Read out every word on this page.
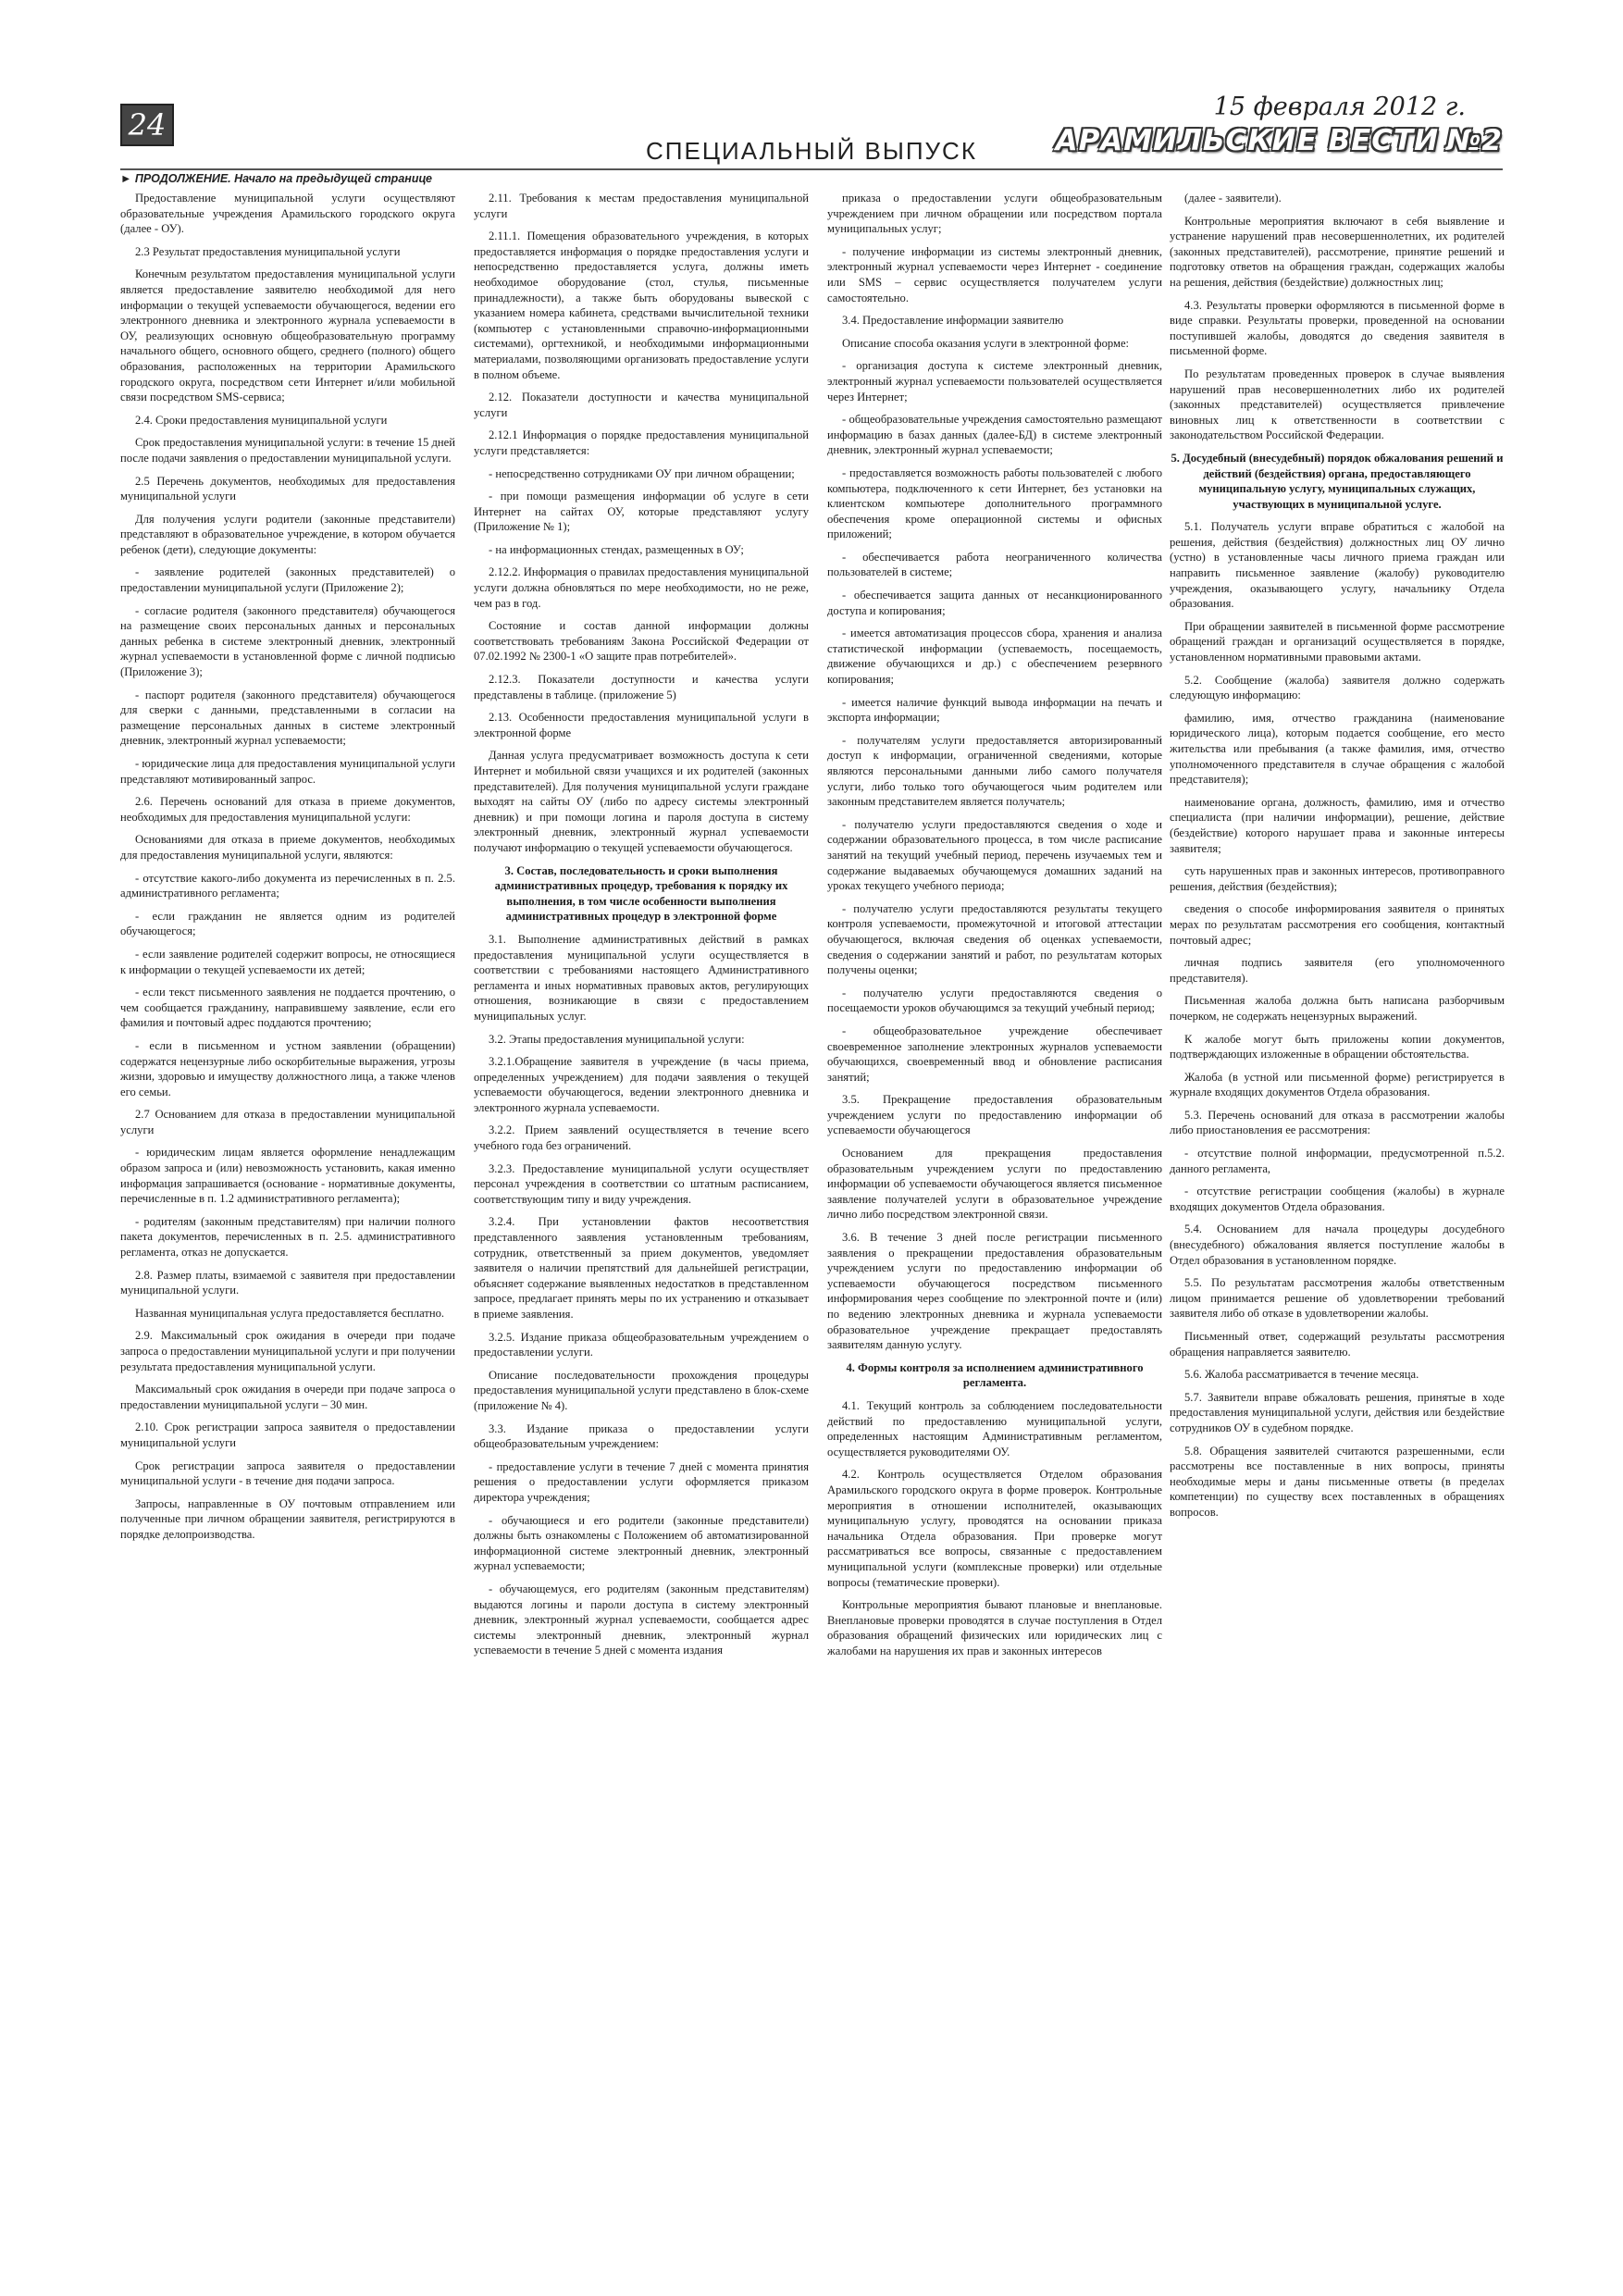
24
СПЕЦИАЛЬНЫЙ ВЫПУСК
15 февраля 2012 г.
АРАМИЛЬСКИЕ ВЕСТИ №2
► ПРОДОЛЖЕНИЕ. Начало на предыдущей странице

Предоставление муниципальной услуги осуществляют образовательные учреждения Арамильского городского округа (далее - ОУ).

2.3 Результат предоставления муниципальной услуги

Конечным результатом предоставления муниципальной услуги является предоставление заявителю необходимой для него информации о текущей успеваемости обучающегося, ведении его электронного дневника и электронного журнала успеваемости в ОУ, реализующих основную общеобразовательную программу начального общего, основного общего, среднего (полного) общего образования, расположенных на территории Арамильского городского округа, посредством сети Интернет и/или мобильной связи посредством SMS-сервиса;

2.4. Сроки предоставления муниципальной услуги

Срок предоставления муниципальной услуги: в течение 15 дней после подачи заявления о предоставлении муниципальной услуги.

2.5 Перечень документов, необходимых для предоставления муниципальной услуги

Для получения услуги родители (законные представители) представляют в образовательное учреждение, в котором обучается ребенок (дети), следующие документы:

- заявление родителей (законных представителей) о предоставлении муниципальной услуги (Приложение 2);

- согласие родителя (законного представителя) обучающегося на размещение своих персональных данных и персональных данных ребенка в системе электронный дневник, электронный журнал успеваемости в установленной форме с личной подписью (Приложение 3);

- паспорт родителя (законного представителя) обучающегося для сверки с данными, представленными в согласии на размещение персональных данных в системе электронный дневник, электронный журнал успеваемости;

- юридические лица для предоставления муниципальной услуги представляют мотивированный запрос.

2.6. Перечень оснований для отказа в приеме документов, необходимых для предоставления муниципальной услуги:

Основаниями для отказа в приеме документов, необходимых для предоставления муниципальной услуги, являются:

- отсутствие какого-либо документа из перечисленных в п. 2.5. административного регламента;

- если гражданин не является одним из родителей обучающегося;

- если заявление родителей содержит вопросы, не относящиеся к информации о текущей успеваемости их детей;

- если текст письменного заявления не поддается прочтению, о чем сообщается гражданину, направившему заявление, если его фамилия и почтовый адрес поддаются прочтению;

- если в письменном и устном заявлении (обращении) содержатся нецензурные либо оскорбительные выражения, угрозы жизни, здоровью и имуществу должностного лица, а также членов его семьи.

2.7 Основанием для отказа в предоставлении муниципальной услуги

- юридическим лицам является оформление ненадлежащим образом запроса и (или) невозможность установить, какая именно информация запрашивается (основание - нормативные документы, перечисленные в п. 1.2 административного регламента);

- родителям (законным представителям) при наличии полного пакета документов, перечисленных в п. 2.5. административного регламента, отказ не допускается.

2.8. Размер платы, взимаемой с заявителя при предоставлении муниципальной услуги.

Названная муниципальная услуга предоставляется бесплатно.

2.9. Максимальный срок ожидания в очереди при подаче запроса о предоставлении муниципальной услуги и при получении результата предоставления муниципальной услуги.

Максимальный срок ожидания в очереди при подаче запроса о предоставлении муниципальной услуги – 30 мин.

2.10. Срок регистрации запроса заявителя о предоставлении муниципальной услуги

Срок регистрации запроса заявителя о предоставлении муниципальной услуги - в течение дня подачи запроса.

Запросы, направленные в ОУ почтовым отправлением или полученные при личном обращении заявителя, регистрируются в порядке делопроизводства.

2.11. Требования к местам предоставления муниципальной услуги

2.11.1. Помещения образовательного учреждения, в которых предоставляется информация о порядке предоставления услуги и непосредственно предоставляется услуга, должны иметь необходимое оборудование (стол, стулья, письменные принадлежности), а также быть оборудованы вывеской с указанием номера кабинета, средствами вычислительной техники (компьютер с установленными справочно-информационными системами), оргтехникой, и необходимыми информационными материалами, позволяющими организовать предоставление услуги в полном объеме.

2.12. Показатели доступности и качества муниципальной услуги

2.12.1 Информация о порядке предоставления муниципальной услуги представляется:

- непосредственно сотрудниками ОУ при личном обращении;

- при помощи размещения информации об услуге в сети Интернет на сайтах ОУ, которые представляют услугу (Приложение № 1);

- на информационных стендах, размещенных в ОУ;

2.12.2. Информация о правилах предоставления муниципальной услуги должна обновляться по мере необходимости, но не реже, чем раз в год.

Состояние и состав данной информации должны соответствовать требованиям Закона Российской Федерации от 07.02.1992 № 2300-1 «О защите прав потребителей».

2.12.3. Показатели доступности и качества услуги представлены в таблице. (приложение 5)

2.13. Особенности предоставления муниципальной услуги в электронной форме

Данная услуга предусматривает возможность доступа к сети Интернет и мобильной связи учащихся и их родителей (законных представителей). Для получения муниципальной услуги граждане выходят на сайты ОУ (либо по адресу системы электронный дневник) и при помощи логина и пароля доступа в систему электронный дневник, электронный журнал успеваемости получают информацию о текущей успеваемости обучающегося.

3. Состав, последовательность и сроки выполнения административных процедур, требования к порядку их выполнения, в том числе особенности выполнения административных процедур в электронной форме

3.1. Выполнение административных действий в рамках предоставления муниципальной услуги осуществляется в соответствии с требованиями настоящего Административного регламента и иных нормативных правовых актов, регулирующих отношения, возникающие в связи с предоставлением муниципальных услуг.

3.2. Этапы предоставления муниципальной услуги:

3.2.1.Обращение заявителя в учреждение (в часы приема, определенных учреждением) для подачи заявления о текущей успеваемости обучающегося, ведении электронного дневника и электронного журнала успеваемости.

3.2.2. Прием заявлений осуществляется в течение всего учебного года без ограничений.

3.2.3. Предоставление муниципальной услуги осуществляет персонал учреждения в соответствии со штатным расписанием, соответствующим типу и виду учреждения.

3.2.4. При установлении фактов несоответствия представленного заявления установленным требованиям, сотрудник, ответственный за прием документов, уведомляет заявителя о наличии препятствий для дальнейшей регистрации, объясняет содержание выявленных недостатков в представленном запросе, предлагает принять меры по их устранению и отказывает в приеме заявления.

3.2.5. Издание приказа общеобразовательным учреждением о предоставлении услуги.

Описание последовательности прохождения процедуры предоставления муниципальной услуги представлено в блок-схеме (приложение № 4).

3.3. Издание приказа о предоставлении услуги общеобразовательным учреждением:

- предоставление услуги в течение 7 дней с момента принятия решения о предоставлении услуги оформляется приказом директора учреждения;

- обучающиеся и его родители (законные представители) должны быть ознакомлены с Положением об автоматизированной информационной системе электронный дневник, электронный журнал успеваемости;

- обучающемуся, его родителям (законным представителям) выдаются логины и пароли доступа в систему электронный дневник, электронный журнал успеваемости, сообщается адрес системы электронный дневник, электронный журнал успеваемости в течение 5 дней с момента издания

приказа о предоставлении услуги общеобразовательным учреждением при личном обращении или посредством портала муниципальных услуг;

- получение информации из системы электронный дневник, электронный журнал успеваемости через Интернет - соединение или SMS – сервис осуществляется получателем услуги самостоятельно.

3.4. Предоставление информации заявителю

Описание способа оказания услуги в электронной форме:

- организация доступа к системе электронный дневник, электронный журнал успеваемости пользователей осуществляется через Интернет;

- общеобразовательные учреждения самостоятельно размещают информацию в базах данных (далее-БД) в системе электронный дневник, электронный журнал успеваемости;

- предоставляется возможность работы пользователей с любого компьютера, подключенного к сети Интернет, без установки на клиентском компьютере дополнительного программного обеспечения кроме операционной системы и офисных приложений;

- обеспечивается работа неограниченного количества пользователей в системе;

- обеспечивается защита данных от несанкционированного доступа и копирования;

- имеется автоматизация процессов сбора, хранения и анализа статистической информации (успеваемость, посещаемость, движение обучающихся и др.) с обеспечением резервного копирования;

- имеется наличие функций вывода информации на печать и экспорта информации;

- получателям услуги предоставляется авторизированный доступ к информации, ограниченной сведениями, которые являются персональными данными либо самого получателя услуги, либо только того обучающегося чьим родителем или законным представителем является получатель;

- получателю услуги предоставляются сведения о ходе и содержании образовательного процесса, в том числе расписание занятий на текущий учебный период, перечень изучаемых тем и содержание выдаваемых обучающемуся домашних заданий на уроках текущего учебного периода;

- получателю услуги предоставляются результаты текущего контроля успеваемости, промежуточной и итоговой аттестации обучающегося, включая сведения об оценках успеваемости, сведения о содержании занятий и работ, по результатам которых получены оценки;

- получателю услуги предоставляются сведения о посещаемости уроков обучающимся за текущий учебный период;

- общеобразовательное учреждение обеспечивает своевременное заполнение электронных журналов успеваемости обучающихся, своевременный ввод и обновление расписания занятий;

3.5. Прекращение предоставления образовательным учреждением услуги по предоставлению информации об успеваемости обучающегося

Основанием для прекращения предоставления образовательным учреждением услуги по предоставлению информации об успеваемости обучающегося является письменное заявление получателей услуги в образовательное учреждение лично либо посредством электронной связи.

3.6. В течение 3 дней после регистрации письменного заявления о прекращении предоставления образовательным учреждением услуги по предоставлению информации об успеваемости обучающегося посредством письменного информирования через сообщение по электронной почте и (или) по ведению электронных дневника и журнала успеваемости образовательное учреждение прекращает предоставлять заявителям данную услугу.

4. Формы контроля за исполнением административного регламента.

4.1. Текущий контроль за соблюдением последовательности действий по предоставлению муниципальной услуги, определенных настоящим Административным регламентом, осуществляется руководителями ОУ.

4.2. Контроль осуществляется Отделом образования Арамильского городского округа в форме проверок. Контрольные мероприятия в отношении исполнителей, оказывающих муниципальную услугу, проводятся на основании приказа начальника Отдела образования. При проверке могут рассматриваться все вопросы, связанные с предоставлением муниципальной услуги (комплексные проверки) или отдельные вопросы (тематические проверки).

Контрольные мероприятия бывают плановые и внеплановые. Внеплановые проверки проводятся в случае поступления в Отдел образования обращений физических или юридических лиц с жалобами на нарушения их прав и законных интересов

(далее - заявители).

Контрольные мероприятия включают в себя выявление и устранение нарушений прав несовершеннолетних, их родителей (законных представителей), рассмотрение, принятие решений и подготовку ответов на обращения граждан, содержащих жалобы на решения, действия (бездействие) должностных лиц;

4.3. Результаты проверки оформляются в письменной форме в виде справки. Результаты проверки, проведенной на основании поступившей жалобы, доводятся до сведения заявителя в письменной форме.

По результатам проведенных проверок в случае выявления нарушений прав несовершеннолетних либо их родителей (законных представителей) осуществляется привлечение виновных лиц к ответственности в соответствии с законодательством Российской Федерации.

5. Досудебный (внесудебный) порядок обжалования решений и действий (бездействия) органа, предоставляющего муниципальную услугу, муниципальных служащих, участвующих в муниципальной услуге.

5.1. Получатель услуги вправе обратиться с жалобой на решения, действия (бездействия) должностных лиц ОУ лично (устно) в установленные часы личного приема граждан или направить письменное заявление (жалобу) руководителю учреждения, оказывающего услугу, начальнику Отдела образования.

При обращении заявителей в письменной форме рассмотрение обращений граждан и организаций осуществляется в порядке, установленном нормативными правовыми актами.

5.2. Сообщение (жалоба) заявителя должно содержать следующую информацию:

фамилию, имя, отчество гражданина (наименование юридического лица), которым подается сообщение, его место жительства или пребывания (а также фамилия, имя, отчество уполномоченного представителя в случае обращения с жалобой представителя);

наименование органа, должность, фамилию, имя и отчество специалиста (при наличии информации), решение, действие (бездействие) которого нарушает права и законные интересы заявителя;

суть нарушенных прав и законных интересов, противоправного решения, действия (бездействия);

сведения о способе информирования заявителя о принятых мерах по результатам рассмотрения его сообщения, контактный почтовый адрес;

личная подпись заявителя (его уполномоченного представителя).

Письменная жалоба должна быть написана разборчивым почерком, не содержать нецензурных выражений.

К жалобе могут быть приложены копии документов, подтверждающих изложенные в обращении обстоятельства.

Жалоба (в устной или письменной форме) регистрируется в журнале входящих документов Отдела образования.

5.3. Перечень оснований для отказа в рассмотрении жалобы либо приостановления ее рассмотрения:

- отсутствие полной информации, предусмотренной п.5.2. данного регламента,

- отсутствие регистрации сообщения (жалобы) в журнале входящих документов Отдела образования.

5.4. Основанием для начала процедуры досудебного (внесудебного) обжалования является поступление жалобы в Отдел образования в установленном порядке.

5.5. По результатам рассмотрения жалобы ответственным лицом принимается решение об удовлетворении требований заявителя либо об отказе в удовлетворении жалобы.

Письменный ответ, содержащий результаты рассмотрения обращения направляется заявителю.

5.6. Жалоба рассматривается в течение месяца.

5.7. Заявители вправе обжаловать решения, принятые в ходе предоставления муниципальной услуги, действия или бездействие сотрудников ОУ в судебном порядке.

5.8. Обращения заявителей считаются разрешенными, если рассмотрены все поставленные в них вопросы, приняты необходимые меры и даны письменные ответы (в пределах компетенции) по существу всех поставленных в обращениях вопросов.
